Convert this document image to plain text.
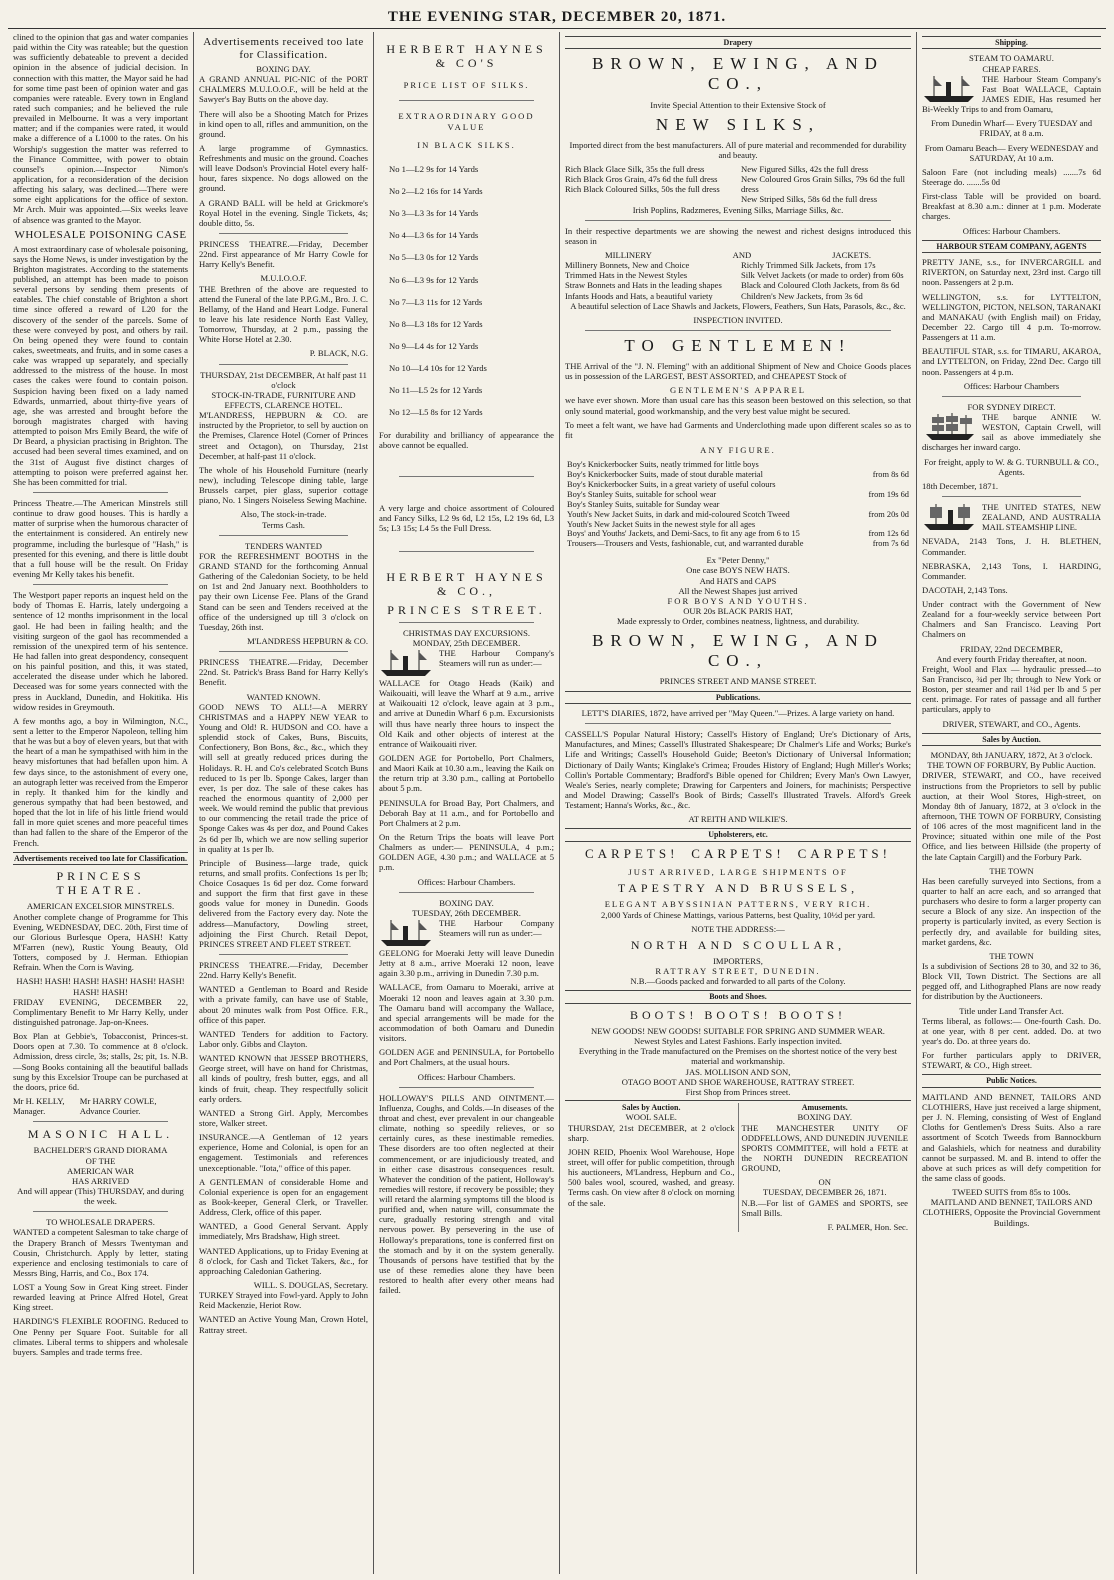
THE EVENING STAR, DECEMBER 20, 1871.

clined to the opinion that gas and water companies paid within the City was rateable; but the question was sufficiently debateable to prevent a decided opinion in the absence of judicial decision. In connection with this matter, the Mayor said he had for some time past been of opinion water and gas companies were rateable. Every town in England rated such companies; and he believed the rule prevailed in Melbourne. It was a very important matter; and if the companies were rated, it would make a difference of a L1000 to the rates. On his Worship's suggestion the matter was referred to the Finance Committee, with power to obtain counsel's opinion.—Inspector Nimon's application, for a reconsideration of the decision affecting his salary, was declined.—There were some eight applications for the office of sexton. Mr Arch. Muir was appointed.—Six weeks leave of absence was granted to the Mayor.

WHOLESALE POISONING CASE

A most extraordinary case of wholesale poisoning, says the Home News, is under investigation by the Brighton magistrates. According to the statements published, an attempt has been made to poison several persons by sending them presents of eatables. The chief constable of Brighton a short time since offered a reward of L20 for the discovery of the sender of the parcels. Some of these were conveyed by post, and others by rail. On being opened they were found to contain cakes, sweetmeats, and fruits, and in some cases a cake was wrapped up separately, and specially addressed to the mistress of the house. In most cases the cakes were found to contain poison. Suspicion having been fixed on a lady named Edwards, unmarried, about thirty-five years of age, she was arrested and brought before the borough magistrates charged with having attempted to poison Mrs Emily Beard, the wife of Dr Beard, a physician practising in Brighton. The accused had been several times examined, and on the 31st of August five distinct charges of attempting to poison were preferred against her. She has been committed for trial.

Princess Theatre.—The American Minstrels still continue to draw good houses. This is hardly a matter of surprise when the humorous character of the entertainment is considered. An entirely new programme, including the burlesque of "Hash," is presented for this evening, and there is little doubt that a full house will be the result. On Friday evening Mr Kelly takes his benefit.

The Westport paper reports an inquest held on the body of Thomas E. Harris, lately undergoing a sentence of 12 months imprisonment in the local gaol. He had been in failing health; and the visiting surgeon of the gaol has recommended a remission of the unexpired term of his sentence. He had fallen into great despondency, consequent on his painful position, and this, it was stated, accelerated the disease under which he labored. Deceased was for some years connected with the press in Auckland, Dunedin, and Hokitika. His widow resides in Greymouth.

A few months ago, a boy in Wilmington, N.C., sent a letter to the Emperor Napoleon, telling him that he was but a boy of eleven years, but that with the heart of a man he sympathised with him in the heavy misfortunes that had befallen upon him. A few days since, to the astonishment of every one, an autograph letter was received from the Emperor in reply. It thanked him for the kindly and generous sympathy that had been bestowed, and hoped that the lot in life of his little friend would fall in more quiet scenes and more peaceful times than had fallen to the share of the Emperor of the French.

Advertisements received too late for Classification.
PRINCESS THEATRE.
AMERICAN EXCELSIOR MINSTRELS.

Another complete change of Programme for This Evening, WEDNESDAY, DEC. 20th, First time of our Glorious Burlesque Opera, HASH! Katty M'Farren (new), Rustic Young Beauty, Old Totters, composed by J. Herman. Ethiopian Refrain. When the Corn is Waving.

HASH! HASH! HASH! HASH! HASH! HASH! HASH! HASH!

FRIDAY EVENING, DECEMBER 22, Complimentary Benefit to Mr Harry Kelly, under distinguished patronage. Jap-on-Knees.

Box Plan at Gebbie's, Tobacconist, Princes-st. Doors open at 7.30. To commence at 8 o'clock. Admission, dress circle, 3s; stalls, 2s; pit, 1s. N.B.—Song Books containing all the beautiful ballads sung by this Excelsior Troupe can be purchased at the doors, price 6d.

Mr H. KELLY, Manager.
Mr HARRY COWLE, Advance Courier.
MASONIC HALL.
BACHELDER'S GRAND DIORAMA
OF THE
AMERICAN WAR
HAS ARRIVED
And will appear (This) THURSDAY, and during the week.
TO WHOLESALE DRAPERS.

WANTED a competent Salesman to take charge of the Drapery Branch of Messrs Twentyman and Cousin, Christchurch. Apply by letter, stating experience and enclosing testimonials to care of Messrs Bing, Harris, and Co., Box 174.

LOST a Young Sow in Great King street. Finder rewarded leaving at Prince Alfred Hotel, Great King street.

HARDING'S FLEXIBLE ROOFING. Reduced to One Penny per Square Foot. Suitable for all climates. Liberal terms to shippers and wholesale buyers. Samples and trade terms free.

Advertisements received too late for Classification.
BOXING DAY.

A GRAND ANNUAL PIC-NIC of the PORT CHALMERS M.U.I.O.O.F., will be held at the Sawyer's Bay Butts on the above day.

There will also be a Shooting Match for Prizes in kind open to all, rifles and ammunition, on the ground.

A large programme of Gymnastics. Refreshments and music on the ground. Coaches will leave Dodson's Provincial Hotel every half-hour, fares sixpence. No dogs allowed on the ground.

A GRAND BALL will be held at Grickmore's Royal Hotel in the evening. Single Tickets, 4s; double ditto, 5s.

PRINCESS THEATRE.—Friday, December 22nd. First appearance of Mr Harry Cowle for Harry Kelly's Benefit.

M.U.I.O.O.F.

THE Brethren of the above are requested to attend the Funeral of the late P.P.G.M., Bro. J. C. Bellamy, of the Hand and Heart Lodge. Funeral to leave his late residence North East Valley, Tomorrow, Thursday, at 2 p.m., passing the White Horse Hotel at 2.30.

P. BLACK, N.G.
THURSDAY, 21st DECEMBER, At half past 11 o'clock
STOCK-IN-TRADE, FURNITURE AND EFFECTS, CLARENCE HOTEL.

M'LANDRESS, HEPBURN & CO. are instructed by the Proprietor, to sell by auction on the Premises, Clarence Hotel (Corner of Princes street and Octagon), on Thursday, 21st December, at half-past 11 o'clock.

The whole of his Household Furniture (nearly new), including Telescope dining table, large Brussels carpet, pier glass, superior cottage piano, No. 1 Singers Noiseless Sewing Machine.

Also, The stock-in-trade.
Terms Cash.
TENDERS WANTED

FOR the REFRESHMENT BOOTHS in the GRAND STAND for the forthcoming Annual Gathering of the Caledonian Society, to be held on 1st and 2nd January next. Boothholders to pay their own License Fee. Plans of the Grand Stand can be seen and Tenders received at the office of the undersigned up till 3 o'clock on Tuesday, 26th inst.

M'LANDRESS HEPBURN & CO.

PRINCESS THEATRE.—Friday, December 22nd. St. Patrick's Brass Band for Harry Kelly's Benefit.

WANTED KNOWN.

GOOD NEWS TO ALL!—A MERRY CHRISTMAS and a HAPPY NEW YEAR to Young and Old! R. HUDSON and CO. have a splendid stock of Cakes, Buns, Biscuits, Confectionery, Bon Bons, &c., &c., which they will sell at greatly reduced prices during the Holidays. R. H. and Co's celebrated Scotch Buns reduced to 1s per lb. Sponge Cakes, larger than ever, 1s per doz. The sale of these cakes has reached the enormous quantity of 2,000 per week. We would remind the public that previous to our commencing the retail trade the price of Sponge Cakes was 4s per doz, and Pound Cakes 2s 6d per lb, which we are now selling superior in quality at 1s per lb.

Principle of Business—large trade, quick returns, and small profits. Confections 1s per lb; Choice Cosaques 1s 6d per doz. Come forward and support the firm that first gave in these goods value for money in Dunedin. Goods delivered from the Factory every day. Note the address—Manufactory, Dowling street, adjoining the First Church. Retail Depot, PRINCES STREET AND FLEET STREET.

PRINCESS THEATRE.—Friday, December 22nd. Harry Kelly's Benefit.

WANTED a Gentleman to Board and Reside with a private family, can have use of Stable, about 20 minutes walk from Post Office. F.R., office of this paper.

WANTED Tenders for addition to Factory. Labor only. Gibbs and Clayton.

WANTED KNOWN that JESSEP BROTHERS, George street, will have on hand for Christmas, all kinds of poultry, fresh butter, eggs, and all kinds of fruit, cheap. They respectfully solicit early orders.

WANTED a Strong Girl. Apply, Mercombes store, Walker street.

INSURANCE.—A Gentleman of 12 years experience, Home and Colonial, is open for an engagement. Testimonials and references unexceptionable. "Iota," office of this paper.

A GENTLEMAN of considerable Home and Colonial experience is open for an engagement as Book-keeper, General Clerk, or Traveller. Address, Clerk, office of this paper.

WANTED, a Good General Servant. Apply immediately, Mrs Bradshaw, High street.

WANTED Applications, up to Friday Evening at 8 o'clock, for Cash and Ticket Takers, &c., for approaching Caledonian Gathering.

WILL. S. DOUGLAS, Secretary.

TURKEY Strayed into Fowl-yard. Apply to John Reid Mackenzie, Heriot Row.

WANTED an Active Young Man, Crown Hotel, Rattray street.

HERBERT HAYNES & CO'S
PRICE LIST OF SILKS.
EXTRAORDINARY GOOD VALUE
IN BLACK SILKS.
No 1—L2 9s for 14 Yards
No 2—L2 16s for 14 Yards
No 3—L3 3s for 14 Yards
No 4—L3 6s for 14 Yards
No 5—L3 0s for 12 Yards
No 6—L3 9s for 12 Yards
No 7—L3 11s for 12 Yards
No 8—L3 18s for 12 Yards
No 9—L4 4s for 12 Yards
No 10—L4 10s for 12 Yards
No 11—L5 2s for 12 Yards
No 12—L5 8s for 12 Yards

For durability and brilliancy of appearance the above cannot be equalled.

A very large and choice assortment of Coloured and Fancy Silks, L2 9s 6d, L2 15s, L2 19s 6d, L3 5s; L3 15s; L4 5s the Full Dress.

HERBERT HAYNES & CO.,
PRINCES STREET.
CHRISTMAS DAY EXCURSIONS.
MONDAY, 25th DECEMBER.

THE Harbour Company's Steamers will run as under:—

WALLACE for Otago Heads (Kaik) and Waikouaiti, will leave the Wharf at 9 a.m., arrive at Waikouaiti 12 o'clock, leave again at 3 p.m., and arrive at Dunedin Wharf 6 p.m. Excursionists will thus have nearly three hours to inspect the Old Kaik and other objects of interest at the entrance of Waikouaiti river.

GOLDEN AGE for Portobello, Port Chalmers, and Maori Kaik at 10.30 a.m., leaving the Kaik on the return trip at 3.30 p.m., calling at Portobello about 5 p.m.

PENINSULA for Broad Bay, Port Chalmers, and Deborah Bay at 11 a.m., and for Portobello and Port Chalmers at 2 p.m.

On the Return Trips the boats will leave Port Chalmers as under:— PENINSULA, 4 p.m.; GOLDEN AGE, 4.30 p.m.; and WALLACE at 5 p.m.

Offices: Harbour Chambers.
BOXING DAY.
TUESDAY, 26th DECEMBER.

THE Harbour Company Steamers will run as under:—

GEELONG for Moeraki Jetty will leave Dunedin Jetty at 8 a.m., arrive Moeraki 12 noon, leave again 3.30 p.m., arriving in Dunedin 7.30 p.m.

WALLACE, from Oamaru to Moeraki, arrive at Moeraki 12 noon and leaves again at 3.30 p.m. The Oamaru band will accompany the Wallace, and special arrangements will be made for the accommodation of both Oamaru and Dunedin visitors.

GOLDEN AGE and PENINSULA, for Portobello and Port Chalmers, at the usual hours.

Offices: Harbour Chambers.

HOLLOWAY'S PILLS AND OINTMENT.—Influenza, Coughs, and Colds.—In diseases of the throat and chest, ever prevalent in our changeable climate, nothing so speedily relieves, or so certainly cures, as these inestimable remedies. These disorders are too often neglected at their commencement, or are injudiciously treated, and in either case disastrous consequences result. Whatever the condition of the patient, Holloway's remedies will restore, if recovery be possible; they will retard the alarming symptoms till the blood is purified and, when nature will, consummate the cure, gradually restoring strength and vital nervous power. By persevering in the use of Holloway's preparations, tone is conferred first on the stomach and by it on the system generally. Thousands of persons have testified that by the use of these remedies alone they have been restored to health after every other means had failed.

Drapery
BROWN, EWING, AND CO.,
Invite Special Attention to their Extensive Stock of
NEW SILKS,

Imported direct from the best manufacturers. All of pure material and recommended for durability and beauty.

Rich Black Glace Silk, 35s the full dress
Rich Black Gros Grain, 47s 6d the full dress
Rich Black Coloured Silks, 50s the full dress
New Figured Silks, 42s the full dress
New Coloured Gros Grain Silks, 79s 6d the full dress
New Striped Silks, 58s 6d the full dress
Irish Poplins, Radzmeres, Evening Silks, Marriage Silks, &c.

In their respective departments we are showing the newest and richest designs introduced this season in

MILLINERY	AND	JACKETS.
Millinery Bonnets, New and Choice
Trimmed Hats in the Newest Styles
Straw Bonnets and Hats in the leading shapes
Infants Hoods and Hats, a beautiful variety
Richly Trimmed Silk Jackets, from 17s
Silk Velvet Jackets (or made to order) from 60s
Black and Coloured Cloth Jackets, from 8s 6d
Children's New Jackets, from 3s 6d

A beautiful selection of Lace Shawls and Jackets, Flowers, Feathers, Sun Hats, Parasols, &c., &c.

INSPECTION INVITED.
TO GENTLEMEN!

THE Arrival of the "J. N. Fleming" with an additional Shipment of New and Choice Goods places us in possession of the LARGEST, BEST ASSORTED, and CHEAPEST Stock of

GENTLEMEN'S APPAREL

we have ever shown. More than usual care has this season been bestowed on this selection, so that only sound material, good workmanship, and the very best value might be secured.

To meet a felt want, we have had Garments and Underclothing made upon different scales so as to fit

ANY FIGURE.
Boy's Knickerbocker Suits, neatly trimmed for little boys	
Boy's Knickerbocker Suits, made of stout durable material	from 8s 6d
Boy's Knickerbocker Suits, in a great variety of useful colours	
Boy's Stanley Suits, suitable for school wear	from 19s 6d
Boy's Stanley Suits, suitable for Sunday wear	
Youth's New Jacket Suits, in dark and mid-coloured Scotch Tweed	from 20s 0d
Youth's New Jacket Suits in the newest style for all ages	
Boys' and Youths' Jackets, and Demi-Sacs, to fit any age from 6 to 15	from 12s 6d
Trousers—Trousers and Vests, fashionable, cut, and warranted durable	from 7s 6d
Ex "Peter Denny,"
One case BOYS NEW HATS.
And HATS and CAPS
All the Newest Shapes just arrived
FOR BOYS AND YOUTHS.
OUR 20s BLACK PARIS HAT,
Made expressly to Order, combines neatness, lightness, and durability.
BROWN, EWING, AND CO.,
PRINCES STREET AND MANSE STREET.
Publications.

LETT'S DIARIES, 1872, have arrived per "May Queen."—Prizes. A large variety on hand.

CASSELL'S Popular Natural History; Cassell's History of England; Ure's Dictionary of Arts, Manufactures, and Mines; Cassell's Illustrated Shakespeare; Dr Chalmer's Life and Works; Burke's Life and Writings; Cassell's Household Guide; Beeton's Dictionary of Universal Information; Dictionary of Daily Wants; Kinglake's Crimea; Froudes History of England; Hugh Miller's Works; Collin's Portable Commentary; Bradford's Bible opened for Children; Every Man's Own Lawyer, Weale's Series, nearly complete; Drawing for Carpenters and Joiners, for machinists; Perspective and Model Drawing; Cassell's Book of Birds; Cassell's Illustrated Travels. Alford's Greek Testament; Hanna's Works, &c., &c.

AT REITH AND WILKIE'S.
Upholsterers, etc.
CARPETS! CARPETS! CARPETS!
JUST ARRIVED, LARGE SHIPMENTS OF
TAPESTRY AND BRUSSELS,
ELEGANT ABYSSINIAN PATTERNS, VERY RICH.
2,000 Yards of Chinese Mattings, various Patterns, best Quality, 10½d per yard.
NOTE THE ADDRESS:—
NORTH AND SCOULLAR,
IMPORTERS,
RATTRAY STREET, DUNEDIN.
N.B.—Goods packed and forwarded to all parts of the Colony.
Boots and Shoes.
BOOTS! BOOTS! BOOTS!
NEW GOODS! NEW GOODS! SUITABLE FOR SPRING AND SUMMER WEAR.
Newest Styles and Latest Fashions. Early inspection invited.
Everything in the Trade manufactured on the Premises on the shortest notice of the very best material and workmanship.
JAS. MOLLISON AND SON,
OTAGO BOOT AND SHOE WAREHOUSE, RATTRAY STREET.
First Shop from Princes street.
Sales by Auction.
WOOL SALE.

THURSDAY, 21st DECEMBER, at 2 o'clock sharp.

JOHN REID, Phoenix Wool Warehouse, Hope street, will offer for public competition, through his auctioneers, M'Landress, Hepburn and Co., 500 bales wool, scoured, washed, and greasy. Terms cash. On view after 8 o'clock on morning of the sale.

Amusements.
BOXING DAY.

THE MANCHESTER UNITY OF ODDFELLOWS, AND DUNEDIN JUVENILE SPORTS COMMITTEE, will hold a FETE at the NORTH DUNEDIN RECREATION GROUND,

ON
TUESDAY, DECEMBER 26, 1871.

N.B.—For list of GAMES and SPORTS, see Small Bills.

F. PALMER, Hon. Sec.
Shipping.
STEAM TO OAMARU.
CHEAP FARES.

THE Harbour Steam Company's Fast Boat WALLACE, Captain JAMES EDIE, Has resumed her Bi-Weekly Trips to and from Oamaru,

From Dunedin Wharf— Every TUESDAY and FRIDAY, at 8 a.m.

From Oamaru Beach— Every WEDNESDAY and SATURDAY, At 10 a.m.

Saloon Fare (not including meals) .......7s 6d Steerage do. .......5s 0d

First-class Table will be provided on board. Breakfast at 8.30 a.m.: dinner at 1 p.m. Moderate charges.

Offices: Harbour Chambers.
HARBOUR STEAM COMPANY, AGENTS

PRETTY JANE, s.s., for INVERCARGILL and RIVERTON, on Saturday next, 23rd inst. Cargo till noon. Passengers at 2 p.m.

WELLINGTON, s.s. for LYTTELTON, WELLINGTON, PICTON, NELSON, TARANAKI and MANAKAU (with English mail) on Friday, December 22. Cargo till 4 p.m. To-morrow. Passengers at 11 a.m.

BEAUTIFUL STAR, s.s. for TIMARU, AKAROA, and LYTTELTON, on Friday, 22nd Dec. Cargo till noon. Passengers at 4 p.m.

Offices: Harbour Chambers
FOR SYDNEY DIRECT.

THE barque ANNIE W. WESTON, Captain Crwell, will sail as above immediately she discharges her inward cargo.

For freight, apply to W. & G. TURNBULL & CO., Agents.

18th December, 1871.

THE UNITED STATES, NEW ZEALAND, AND AUSTRALIA MAIL STEAMSHIP LINE.

NEVADA, 2143 Tons, J. H. BLETHEN, Commander.

NEBRASKA, 2,143 Tons, I. HARDING, Commander.

DACOTAH, 2,143 Tons.

Under contract with the Government of New Zealand for a four-weekly service between Port Chalmers and San Francisco. Leaving Port Chalmers on

FRIDAY, 22nd DECEMBER,
And every fourth Friday thereafter, at noon.

Freight, Wool and Flax — hydraulic pressed—to San Francisco, ¾d per lb; through to New York or Boston, per steamer and rail 1¾d per lb and 5 per cent. primage. For rates of passage and all further particulars, apply to

DRIVER, STEWART, and CO., Agents.
Sales by Auction.
MONDAY, 8th JANUARY, 1872, At 3 o'clock.
THE TOWN OF FORBURY, By Public Auction.

DRIVER, STEWART, and CO., have received instructions from the Proprietors to sell by public auction, at their Wool Stores, High-street, on Monday 8th of January, 1872, at 3 o'clock in the afternoon, THE TOWN OF FORBURY, Consisting of 106 acres of the most magnificent land in the Province; situated within one mile of the Post Office, and lies between Hillside (the property of the late Captain Cargill) and the Forbury Park.

THE TOWN

Has been carefully surveyed into Sections, from a quarter to half an acre each, and so arranged that purchasers who desire to form a larger property can secure a Block of any size. An inspection of the property is particularly invited, as every Section is perfectly dry, and available for building sites, market gardens, &c.

THE TOWN

Is a subdivision of Sections 28 to 30, and 32 to 36, Block VII, Town District. The Sections are all pegged off, and Lithographed Plans are now ready for distribution by the Auctioneers.

Title under Land Transfer Act.

Terms liberal, as follows:— One-fourth Cash. Do. at one year, with 8 per cent. added. Do. at two year's do. Do. at three years do.

For further particulars apply to DRIVER, STEWART, & CO., High street.

Public Notices.

MAITLAND AND BENNET, TAILORS AND CLOTHIERS, Have just received a large shipment, per J. N. Fleming, consisting of West of England Cloths for Gentlemen's Dress Suits. Also a rare assortment of Scotch Tweeds from Bannockburn and Galashiels, which for neatness and durability cannot be surpassed. M. and B. intend to offer the above at such prices as will defy competition for the same class of goods.

TWEED SUITS from 85s to 100s.

MAITLAND AND BENNET, TAILORS AND CLOTHIERS, Opposite the Provincial Government Buildings.
